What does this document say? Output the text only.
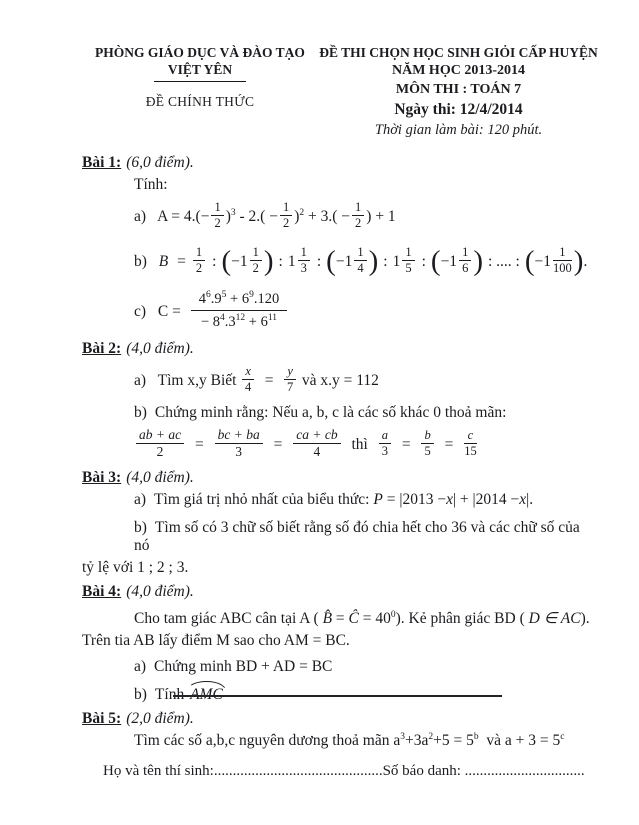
PHÒNG GIÁO DỤC VÀ ĐÀO TẠO
VIỆT YÊN
ĐỀ CHÍNH THỨC
ĐỀ THI CHỌN HỌC SINH GIỎI CẤP HUYỆN
NĂM HỌC 2013-2014
MÔN THI : TOÁN 7
Ngày thi: 12/4/2014
Thời gian làm bài: 120 phút.
Bài 1: (6,0 điểm).
Tính:
a) $A = 4.(- \frac{1}{2} )^3 - 2.( - \frac{1}{2} )^2 + 3.( - \frac{1}{2}$ ) + 1
b) $B = \frac{1}{2}$ : ($-1 \frac{1}{2}$ ) : $1 \frac{1}{3}$ : ($-1 \frac{1}{4}$ ) : $1 \frac{1}{5}$ : ($-1 \frac{1}{6}$ ) : .... : ($-1 \frac{1}{100}$ ).
c) $C = \frac{4^6.9^5 + 6^9.120}{- 8^4.3^{12} + 6^{11}}$
Bài 2: (4,0 điểm).
a) Tìm x,y Biết $\frac{x}{4} = \frac{y}{7}$ và x.y = 112
b) Chứng minh rằng: Nếu a, b, c là các số khác 0 thoả mãn:
$\frac{ab + ac}{2} = \frac{bc + ba}{3} = \frac{ca + cb}{4}$ thì $\frac{a}{3} = \frac{b}{5} = \frac{c}{15}$
Bài 3: (4,0 điểm).
a) Tìm giá trị nhỏ nhất của biểu thức: P = |2013 −x| + |2014 −x|.
b) Tìm số có 3 chữ số biết rằng số đó chia hết cho 36 và các chữ số của nó
tỷ lệ với 1 ; 2 ; 3.
Bài 4: (4,0 điểm).
Cho tam giác ABC cân tại A ( B̂ = Ĉ = $40^0$). Kẻ phân giác BD ( D ∈ AC).
Trên tia AB lấy điểm M sao cho AM = BC.
a) Chứng minh BD + AD = BC
b) Tính AMC
Bài 5: (2,0 điểm).
Tìm các số a,b,c nguyên dương thoả mãn $a^3+3a^2+5 = 5^b$ và $a + 3 = 5^c$
Họ và tên thí sinh:.............................................Số báo danh: ................................
